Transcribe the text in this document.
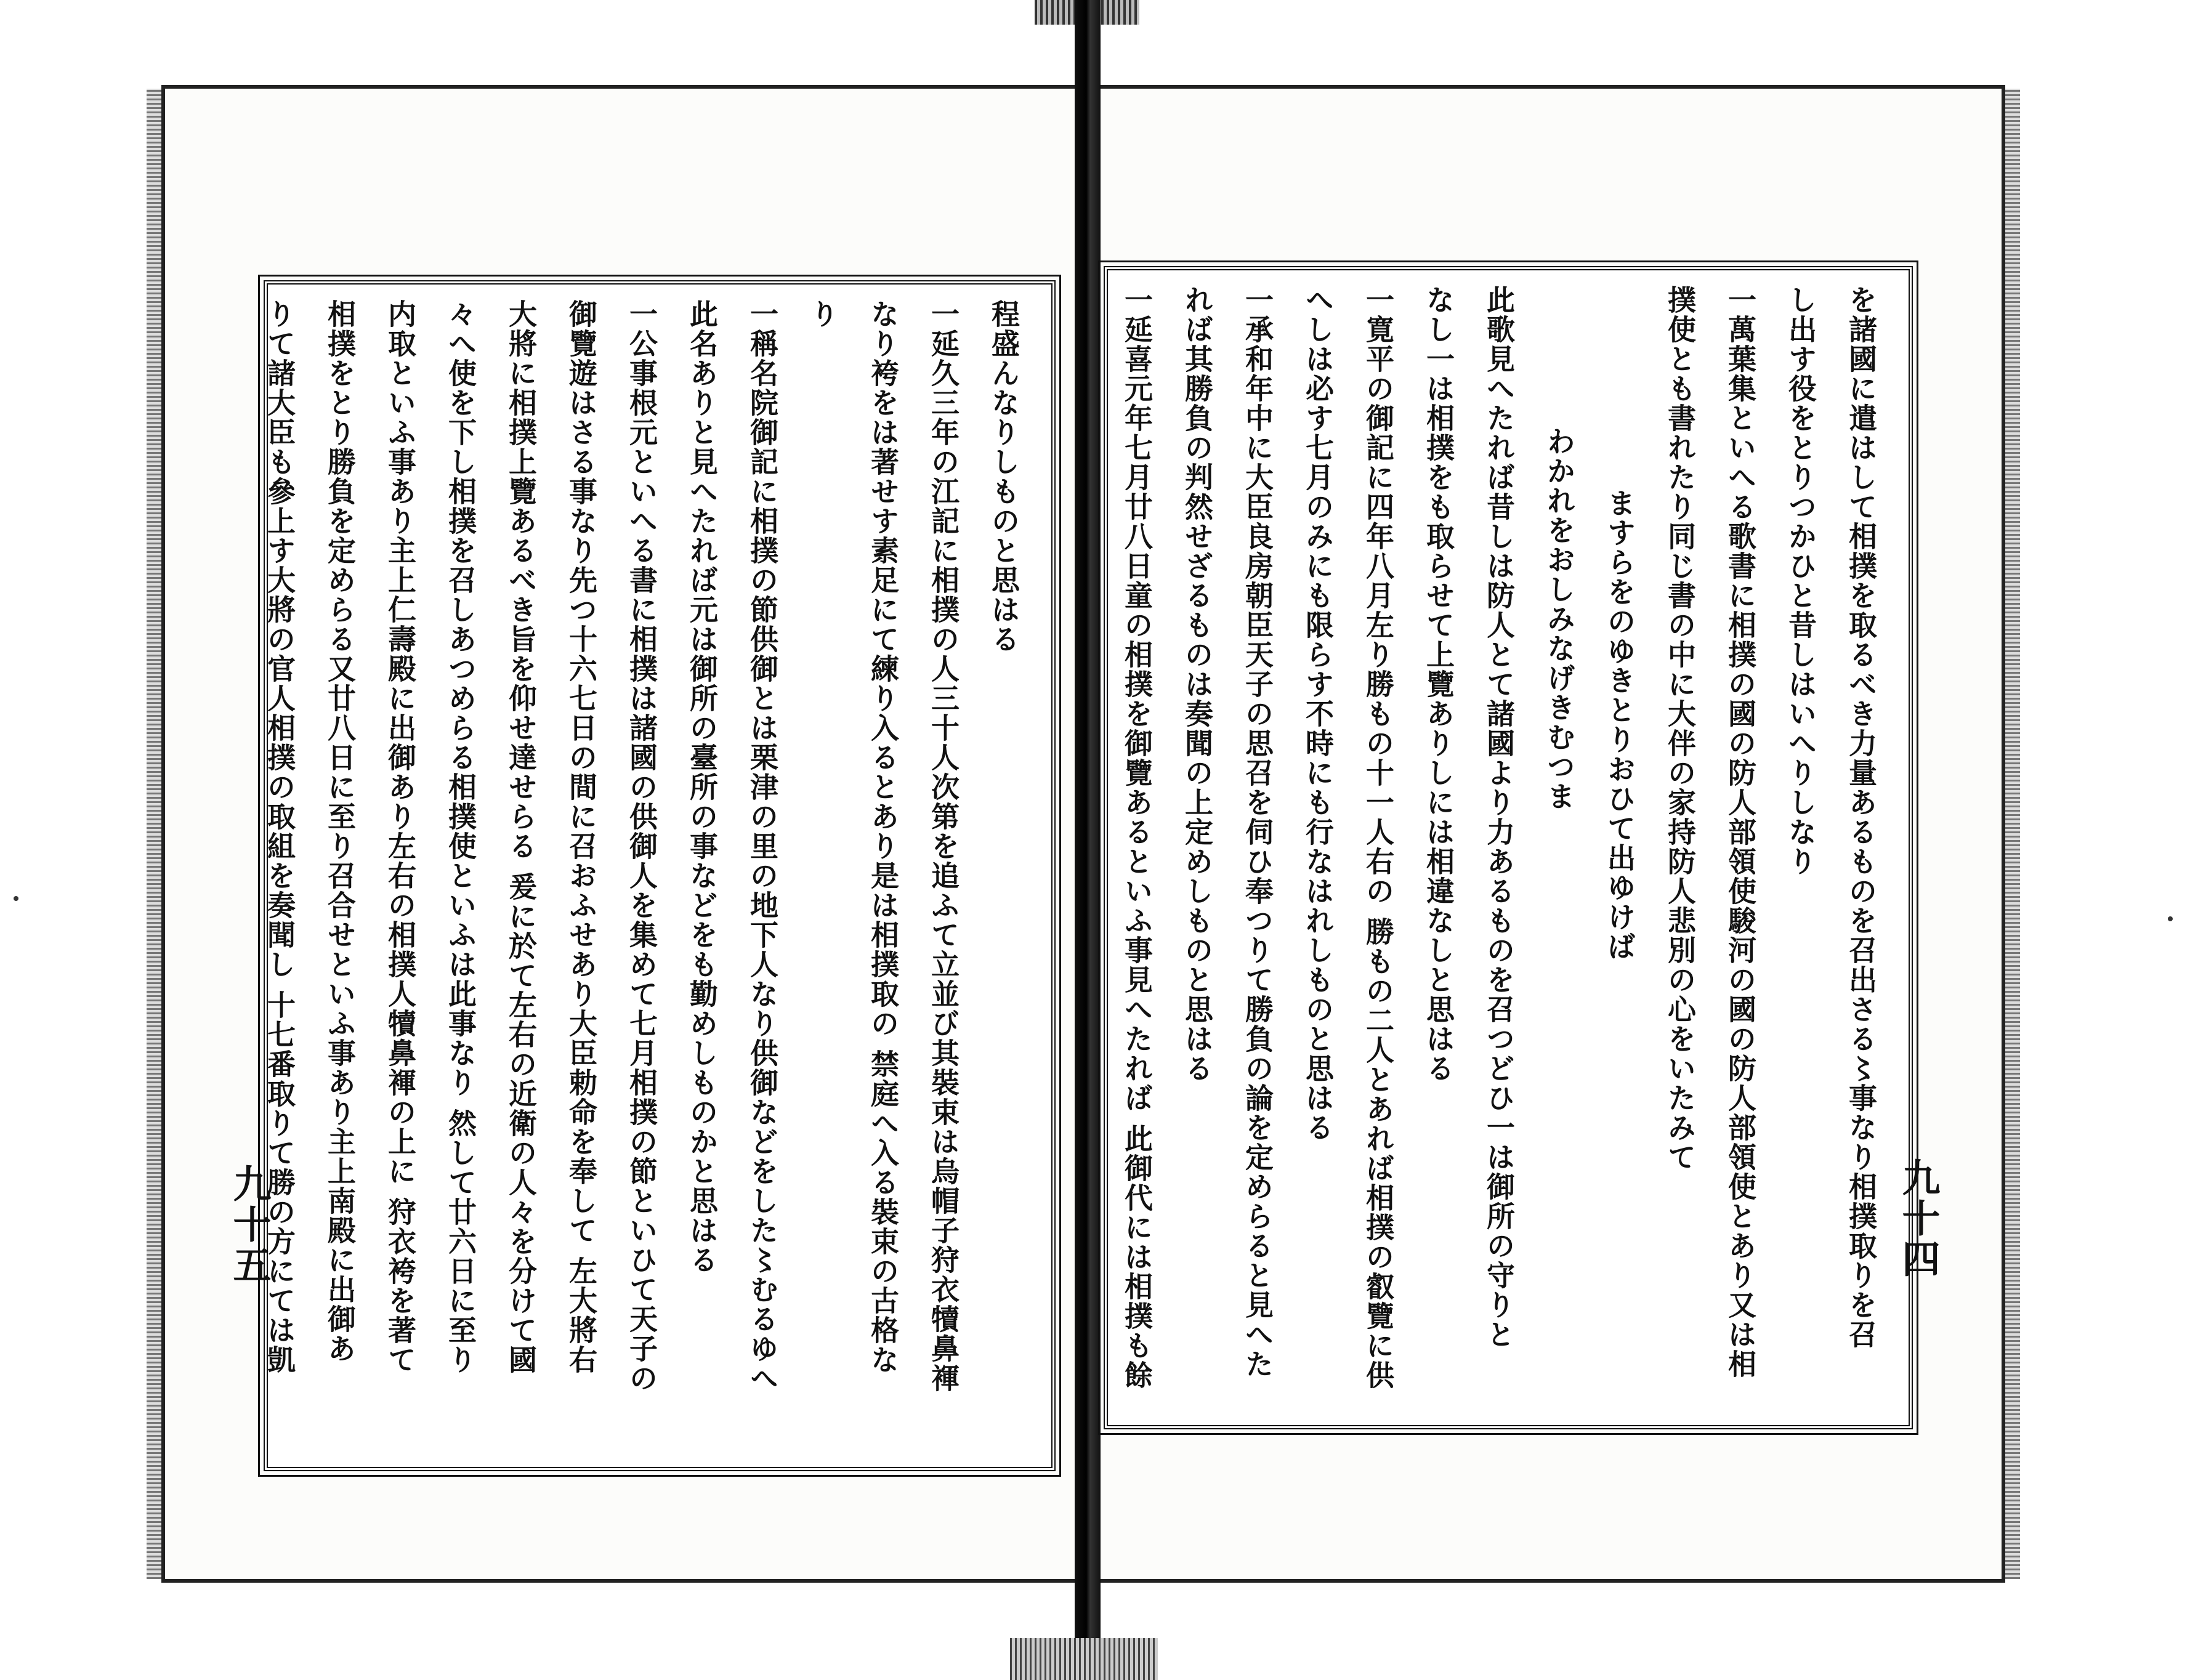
程盛んなりしものと思はる
一延久三年の江記に相撲の人三十人次第を追ふて立並び其裝束は烏帽子狩衣犢鼻褌
なり袴をは著せす素足にて練り入るとあり是は相撲取の 禁庭へ入る裝束の古格な
り
一稱名院御記に相撲の節供御とは栗津の里の地下人なり供御などをした〻むるゆへ
此名ありと見へたれば元は御所の臺所の事などをも勤めしものかと思はる
一公事根元といへる書に相撲は諸國の供御人を集めて七月相撲の節といひて天子の
御覽遊はさる事なり先つ十六七日の間に召おふせあり大臣勅命を奉して 左大將右
大將に相撲上覽あるべき旨を仰せ達せらる 爰に於て左右の近衛の人々を分けて國
々へ使を下し相撲を召しあつめらる相撲使といふは此事なり 然して廿六日に至り
内取といふ事あり主上仁壽殿に出御あり左右の相撲人犢鼻褌の上に 狩衣袴を著て
相撲をとり勝負を定めらる又廿八日に至り召合せといふ事あり主上南殿に出御あ
りて諸大臣も參上す大將の官人相撲の取組を奏聞し 十七番取りて勝の方にては凱
九十五	を諸國に遣はして相撲を取るべき力量あるものを召出さる〻事なり相撲取りを召
し出す役をとりつかひと昔しはいへりしなり
一萬葉集といへる歌書に相撲の國の防人部領使駿河の國の防人部領使とあり又は相
撲使とも書れたり同じ書の中に大伴の家持防人悲別の心をいたみて
ますらをのゆきとりおひて出ゆけば
わかれをおしみなげきむつま
此歌見へたれば昔しは防人とて諸國より力あるものを召つどひ一は御所の守りと
なし一は相撲をも取らせて上覽ありしには相違なしと思はる
一寛平の御記に四年八月左り勝もの十一人右の 勝もの二人とあれば相撲の叡覽に供
へしは必す七月のみにも限らす不時にも行なはれしものと思はる
一承和年中に大臣良房朝臣天子の思召を伺ひ奉つりて勝負の論を定めらると見へた
れば其勝負の判然せざるものは奏聞の上定めしものと思はる
一延喜元年七月廿八日童の相撲を御覽あるといふ事見へたれば 此御代には相撲も餘	九十四
